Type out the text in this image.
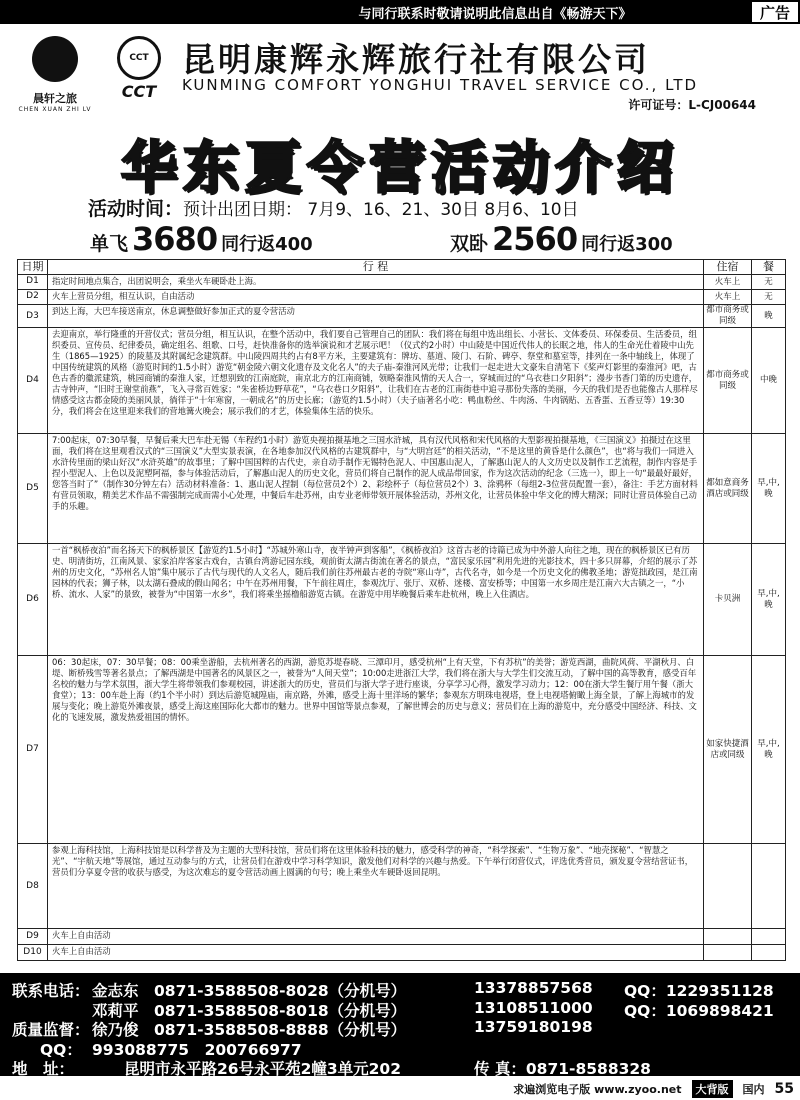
与同行联系时敬请说明此信息出自《畅游天下》	广告
晨轩之旅
CHEN XUAN ZHI LV
CCT
CCT
昆明康辉永辉旅行社有限公司
KUNMING COMFORT YONGHUI TRAVEL SERVICE CO., LTD
许可证号：L-CJ00644
华东夏令营活动介绍
活动时间：预计出团日期： 7月9、16、21、30日 8月6、10日
单飞 3680 同行返400	双卧 2560 同行返300
日期	行 程	住宿	餐
D1	指定时间地点集合，出团说明会，乘坐火车硬卧赴上海。	火车上	无
D2	火车上营员分组，相互认识，自由活动	火车上	无
D3	到达上海，大巴车接送南京，休息调整做好参加正式的夏令营活动	都市商务或同级	晚
D4	去迎南京，举行隆重的开营仪式；营员分组，相互认识，在整个活动中，我们要自己管理自己的团队：我们将在每组中选出组长、小营长、文体委员、环保委员、生活委员，组织委员、宣传员、纪律委员，确定组名、组歌、口号，赶快准备你的选举演说和才艺展示吧！（仪式约2小时）中山陵是中国近代伟人的长眠之地，伟人的生命光仕着陵中山先生（1865—1925）的陵墓及其附属纪念建筑群。中山陵四周共约占有8平方米，主要建筑有：牌坊、墓道、陵门、石阶、碑亭、祭堂和墓室等，排列在一条中轴线上，体现了中国传统建筑的风格（游览时间约1.5小时）游览“朝金陵六朝文化遗存及文化名人”的夫子庙-秦淮河风光带；让我们一起走进大文豪朱自清笔下《桨声灯影里的秦淮河》吧，古色古香的徽派建筑，桃园商铺的秦淮人家，迁想别致的江南庭院，南京北方的江南商铺，领略秦淮风情的天人合一，穿城而过的“乌衣巷口夕阳斜”；漫步书香门第的历史遗存，古寺钟声，“旧时王谢堂前燕”，飞入寻常百姓家；“朱雀桥边野草花”，“乌衣巷口夕阳斜”，让我们在古老的江南街巷中追寻那份失落的美丽，今天的我们是否也能像古人那样尽情感受这古都金陵的美丽风景，徜徉于“十年寒窗，一朝成名”的历史长廊；（游览约1.5小时）（夫子庙著名小吃：鸭血粉丝、牛肉汤、牛肉锅贴、五香蛋、五香豆等）19:30分，我们将会在这里迎来我们的营地篝火晚会；展示我们的才艺，体验集体生活的快乐。	都市商务或同级	中晚
D5	7:00起床，07:30早餐，早餐后乘大巴车赴无锡（车程约1小时）游览央视拍摄基地之三国水浒城，具有汉代风格和宋代风格的大型影视拍摄基地，《三国演义》拍摄过在这里面，我们将在这里观看汉式的“三国演义”大型实景表演，在各地参加汉代风格的古建筑群中，与“大明宫廷”的相关活动，“不是这里的黄昏是什么颜色”，也“将与我们一同进入水浒传里面的梁山好汉“水浒英雄”的故事里；了解中国国粹的古代史，亲自动手制作无锡特色泥人、中国惠山泥人，了解惠山泥人的人文历史以及制作工艺流程，制作内容是手捏小型泥人、上色以及泥塑阿福，参与体验活动后，了解惠山泥人的历史文化，营员们将自己制作的泥人成品带回家，作为这次活动的纪念（三选一），即上一句“最最好最好，您答当时了”（制作30分钟左右）活动材料准备：1、惠山泥人捏制（每位营员2个）2、彩绘杯子（每位营员2个）3、涂鸦杯（每组2-3位营员配置一套），备注：手艺方面材料有营员领取，精美艺术作品不需强制完成而需小心处理，中餐后车赴苏州，由专业老师带领开展体验活动，苏州文化，让营员体验中华文化的博大精深；同时让营员体验自己动手的乐趣。	都如意商务酒店或同级	早,中,晚
D6	一首“枫桥夜泊”而名扬天下的枫桥景区【游览约1.5小时】“苏城外寒山寺，夜半钟声到客船”，《枫桥夜泊》这首古老的诗篇已成为中外游人向往之地，现在的枫桥景区已有历史、明清街坊，江南风景、家家泊岸客家古戏台，古镇台湾游记园东线，观前街太湖古街流在著名的景点，“富民家乐园”利用先进的光影技术，四十多只屏幕，介绍的展示了苏州的历史文化，“苏州名人馆”集中展示了古代与现代的人文名人，随后我们前往苏州最古老的寺院“寒山寺”，古代名寺，如今是一个历史文化的佛教圣地；游览拙政园，是江南园林的代表；狮子林，以太湖石叠成的假山闻名；中午在苏州用餐，下午前往周庄，参观沈厅、张厅、双桥、迷楼、富安桥等；中国第一水乡周庄是江南六大古镇之一，“小桥、流水、人家”的景致，被誉为“中国第一水乡”，我们将乘坐摇橹船游览古镇。在游览中用毕晚餐后乘车赴杭州，晚上入住酒店。	卡贝洲	早,中,晚
D7	06：30起床，07：30早餐；08：00乘坐游船，去杭州著名的西湖，游览苏堤春晓、三潭印月，感受杭州“上有天堂，下有苏杭”的美誉；游览西湖，曲院风荷、平湖秋月、白堤、断桥残雪等著名景点；了解西湖是中国著名的风景区之一，被誉为“人间天堂”；10:00走进浙江大学，我们将在浙大与大学生们交流互动，了解中国的高等教育，感受百年名校的魅力与学术氛围，浙大学生将带领我们参观校园，讲述浙大的历史，营员们与浙大学子进行座谈，分享学习心得，激发学习动力；12：00在浙大学生餐厅用午餐（浙大食堂）；13：00车赴上海（约1个半小时）到达后游览城隍庙，南京路，外滩，感受上海十里洋场的繁华；参观东方明珠电视塔，登上电视塔俯瞰上海全景，了解上海城市的发展与变化；晚上游览外滩夜景，感受上海这座国际化大都市的魅力。世界中国馆等景点参观，了解世博会的历史与意义；营员们在上海的游览中，充分感受中国经济、科技、文化的飞速发展，激发热爱祖国的情怀。	如家快捷酒店或同级	早,中,晚
D8	参观上海科技馆，上海科技馆是以科学普及为主题的大型科技馆，营员们将在这里体验科技的魅力，感受科学的神奇，“科学探索”、“生物万象”、“地壳探秘”、“智慧之光”、“宇航天地”等展馆，通过互动参与的方式，让营员们在游戏中学习科学知识，激发他们对科学的兴趣与热爱。下午举行闭营仪式，评选优秀营员，颁发夏令营结营证书，营员们分享夏令营的收获与感受，为这次难忘的夏令营活动画上圆满的句号；晚上乘坐火车硬卧返回昆明。		
D9	火车上自由活动		
D10	火车上自由活动		
联系电话： 金志东 0871-3588508-8028（分机号）	13378857568 QQ：1229351128
邓莉平 0871-3588508-8018（分机号）	13108511000 QQ：1069898421
质量监督： 徐乃俊 0871-3588508-8888（分机号）	13759180198
QQ： 993088775　200766977
地　址：	昆明市永平路26号永平苑2幢3单元202	传 真：0871-8588328
求遍浏览电子版 www.zyoo.net	大背版	国内 55
